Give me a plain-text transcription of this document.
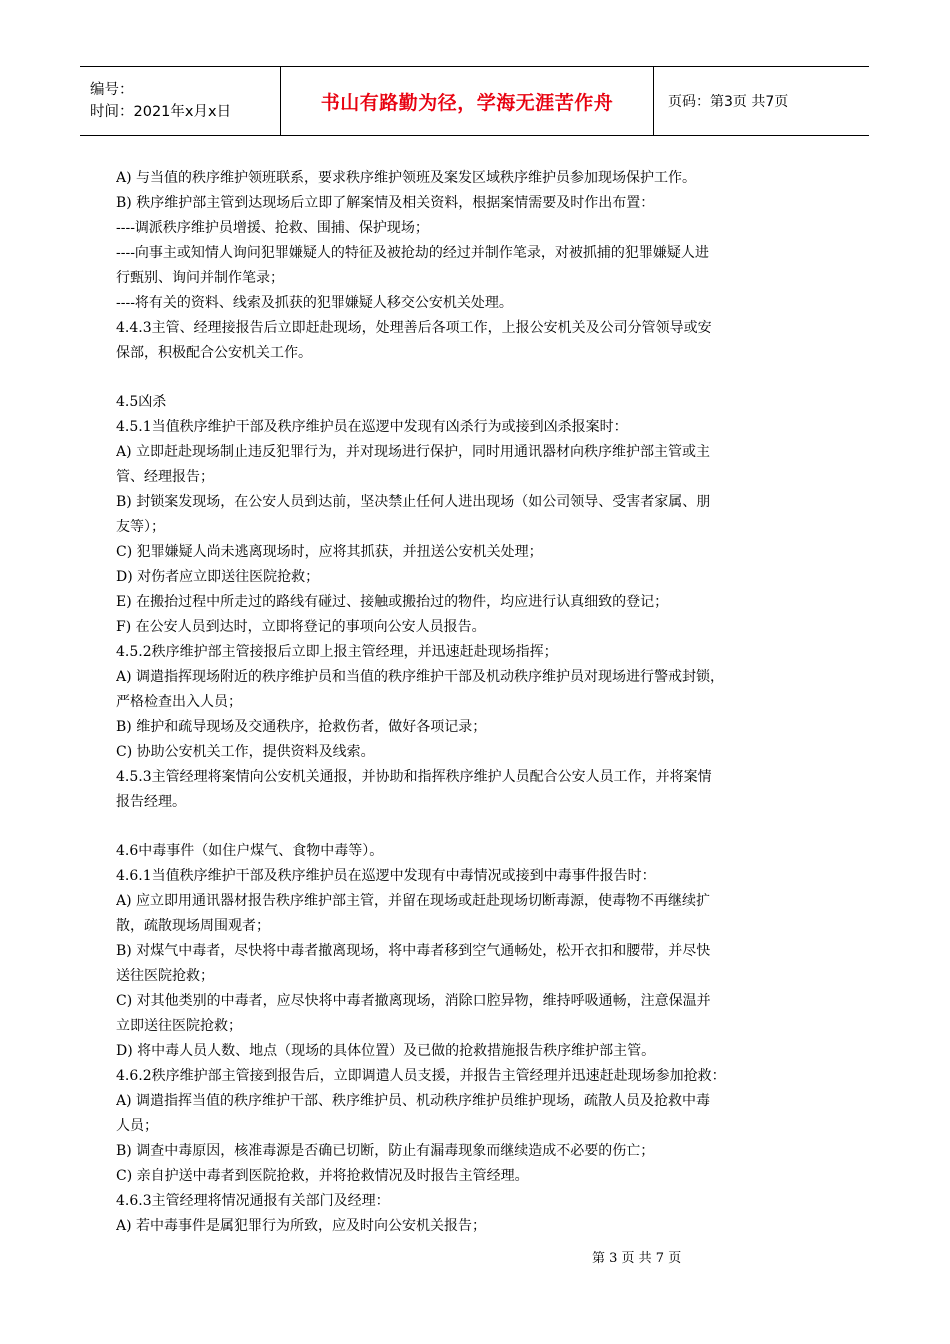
编号：
时间：2021年x月x日	书山有路勤为径，学海无涯苦作舟	页码：第3页 共7页
A) 与当值的秩序维护领班联系，要求秩序维护领班及案发区域秩序维护员参加现场保护工作。
B) 秩序维护部主管到达现场后立即了解案情及相关资料，根据案情需要及时作出布置：
----调派秩序维护员增援、抢救、围捕、保护现场；
----向事主或知情人询问犯罪嫌疑人的特征及被抢劫的经过并制作笔录，对被抓捕的犯罪嫌疑人进
行甄别、询问并制作笔录；
----将有关的资料、线索及抓获的犯罪嫌疑人移交公安机关处理。
4.4.3主管、经理接报告后立即赶赴现场，处理善后各项工作，上报公安机关及公司分管领导或安
保部，积极配合公安机关工作。
4.5凶杀
4.5.1当值秩序维护干部及秩序维护员在巡逻中发现有凶杀行为或接到凶杀报案时：
A) 立即赶赴现场制止违反犯罪行为，并对现场进行保护，同时用通讯器材向秩序维护部主管或主
管、经理报告；
B) 封锁案发现场，在公安人员到达前，坚决禁止任何人进出现场（如公司领导、受害者家属、朋
友等）；
C) 犯罪嫌疑人尚未逃离现场时，应将其抓获，并扭送公安机关处理；
D) 对伤者应立即送往医院抢救；
E) 在搬抬过程中所走过的路线有碰过、接触或搬抬过的物件，均应进行认真细致的登记；
F) 在公安人员到达时，立即将登记的事项向公安人员报告。
4.5.2秩序维护部主管接报后立即上报主管经理，并迅速赶赴现场指挥；
A) 调遣指挥现场附近的秩序维护员和当值的秩序维护干部及机动秩序维护员对现场进行警戒封锁，
严格检查出入人员；
B) 维护和疏导现场及交通秩序，抢救伤者，做好各项记录；
C) 协助公安机关工作，提供资料及线索。
4.5.3主管经理将案情向公安机关通报，并协助和指挥秩序维护人员配合公安人员工作，并将案情
报告经理。
4.6中毒事件（如住户煤气、食物中毒等）。
4.6.1当值秩序维护干部及秩序维护员在巡逻中发现有中毒情况或接到中毒事件报告时：
A) 应立即用通讯器材报告秩序维护部主管，并留在现场或赶赴现场切断毒源，使毒物不再继续扩
散，疏散现场周围观者；
B) 对煤气中毒者，尽快将中毒者撤离现场，将中毒者移到空气通畅处，松开衣扣和腰带，并尽快
送往医院抢救；
C) 对其他类别的中毒者，应尽快将中毒者撤离现场，消除口腔异物，维持呼吸通畅，注意保温并
立即送往医院抢救；
D) 将中毒人员人数、地点（现场的具体位置）及已做的抢救措施报告秩序维护部主管。
4.6.2秩序维护部主管接到报告后，立即调遣人员支援，并报告主管经理并迅速赶赴现场参加抢救：
A) 调遣指挥当值的秩序维护干部、秩序维护员、机动秩序维护员维护现场，疏散人员及抢救中毒
人员；
B) 调查中毒原因，核准毒源是否确已切断，防止有漏毒现象而继续造成不必要的伤亡；
C) 亲自护送中毒者到医院抢救，并将抢救情况及时报告主管经理。
4.6.3主管经理将情况通报有关部门及经理：
A) 若中毒事件是属犯罪行为所致，应及时向公安机关报告；
第 3 页 共 7 页
